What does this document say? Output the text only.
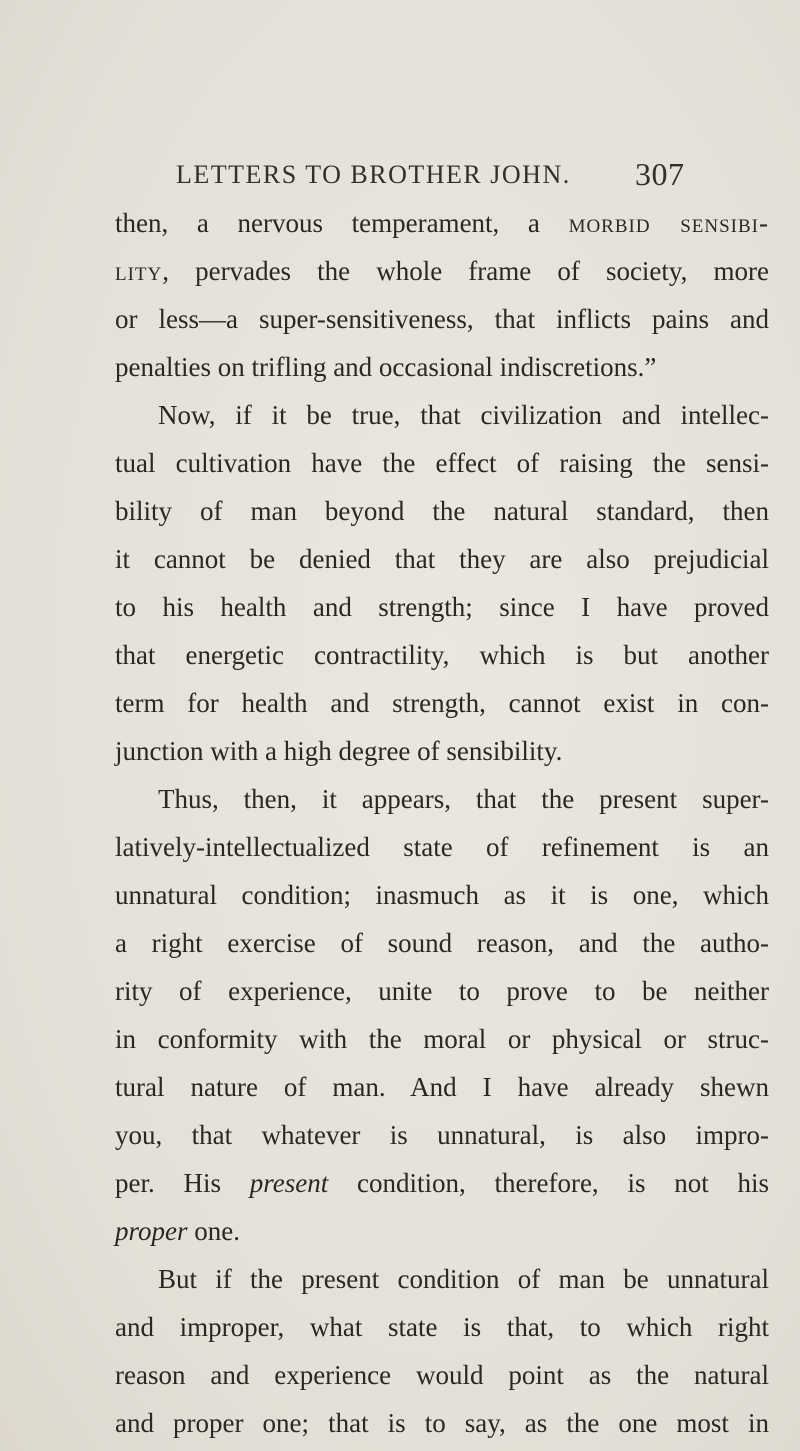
LETTERS TO BROTHER JOHN.	307
then, a nervous temperament, a morbid sensibi-
lity, pervades the whole frame of society, more
or less—a super-sensitiveness, that inflicts pains and
penalties on trifling and occasional indiscretions.”
Now, if it be true, that civilization and intellec-
tual cultivation have the effect of raising the sensi-
bility of man beyond the natural standard, then
it cannot be denied that they are also prejudicial
to his health and strength; since I have proved
that energetic contractility, which is but another
term for health and strength, cannot exist in con-
junction with a high degree of sensibility.
Thus, then, it appears, that the present super-
latively-intellectualized state of refinement is an
unnatural condition; inasmuch as it is one, which
a right exercise of sound reason, and the autho-
rity of experience, unite to prove to be neither
in conformity with the moral or physical or struc-
tural nature of man. And I have already shewn
you, that whatever is unnatural, is also impro-
per. His present condition, therefore, is not his
proper one.
But if the present condition of man be unnatural
and improper, what state is that, to which right
reason and experience would point as the natural
and proper one; that is to say, as the one most in
